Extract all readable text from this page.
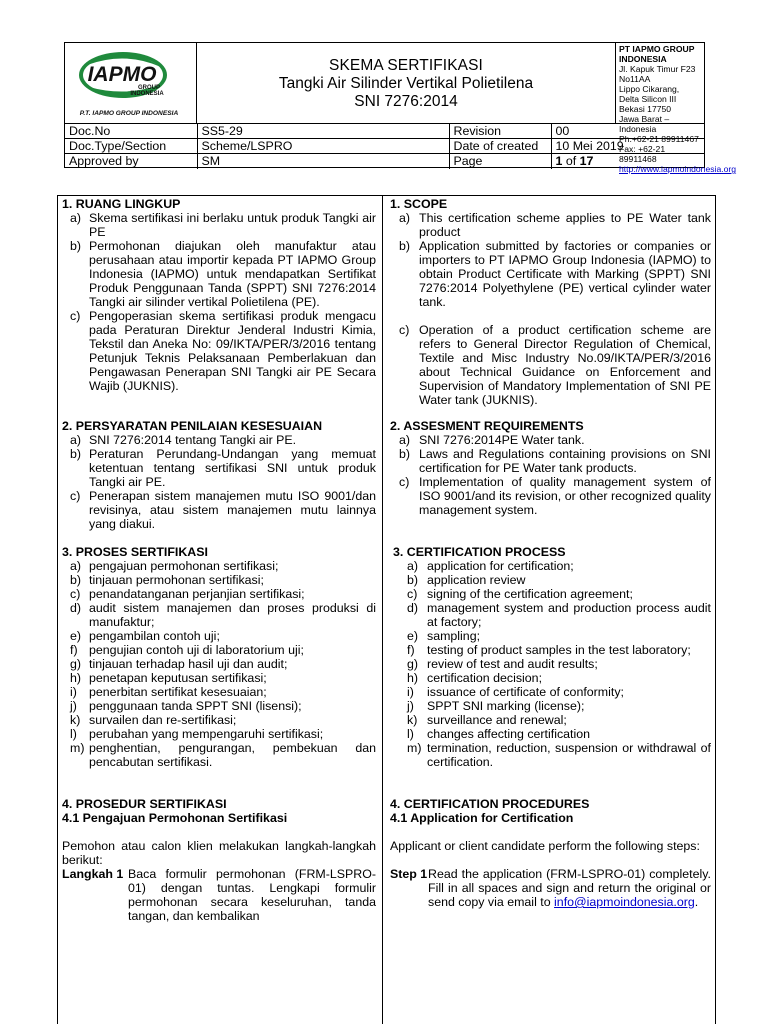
IAPMO
GROUP
INDONESIA
P.T. IAPMO GROUP INDONESIA
SKEMA SERTIFIKASI
Tangki Air Silinder Vertikal Polietilena
SNI 7276:2014
PT IAPMO GROUP INDONESIA
Jl. Kapuk Timur F23 No11AA
Lippo Cikarang, Delta Silicon III
Bekasi 17750
Jawa Barat – Indonesia
Ph.+62-21 89911467
Fax: +62-21 89911468
http://www.iapmoindonesia.org
Doc.No	SS5-29	Revision	00
Doc.Type/Section	Scheme/LSPRO	Date of created	10 Mei 2019
Approved by	SM	Page	1 of 17
1. RUANG LINGKUP
a) Skema sertifikasi ini berlaku untuk produk Tangki air PE
b) Permohonan diajukan oleh manufaktur atau perusahaan atau importir kepada PT IAPMO Group Indonesia (IAPMO) untuk mendapatkan Sertifikat Produk Penggunaan Tanda (SPPT) SNI 7276:2014 Tangki air silinder vertikal Polietilena (PE).
c) Pengoperasian skema sertifikasi produk mengacu pada Peraturan Direktur Jenderal Industri Kimia, Tekstil dan Aneka No: 09/IKTA/PER/3/2016 tentang Petunjuk Teknis Pelaksanaan Pemberlakuan dan Pengawasan Penerapan SNI Tangki air PE Secara Wajib (JUKNIS).
2. PERSYARATAN PENILAIAN KESESUAIAN
a) SNI 7276:2014 tentang Tangki air PE.
b) Peraturan Perundang-Undangan yang memuat ketentuan tentang sertifikasi SNI untuk produk Tangki air PE.
c) Penerapan sistem manajemen mutu ISO 9001/dan revisinya, atau sistem manajemen mutu lainnya yang diakui.
3. PROSES SERTIFIKASI
a) pengajuan permohonan sertifikasi;
b) tinjauan permohonan sertifikasi;
c) penandatanganan perjanjian sertifikasi;
d) audit sistem manajemen dan proses produksi di manufaktur;
e) pengambilan contoh uji;
f) pengujian contoh uji di laboratorium uji;
g) tinjauan terhadap hasil uji dan audit;
h) penetapan keputusan sertifikasi;
i) penerbitan sertifikat kesesuaian;
j) penggunaan tanda SPPT SNI (lisensi);
k) survailen dan re-sertifikasi;
l) perubahan yang mempengaruhi sertifikasi;
m) penghentian, pengurangan, pembekuan dan pencabutan sertifikasi.
4. PROSEDUR SERTIFIKASI
4.1 Pengajuan Permohonan Sertifikasi
Pemohon atau calon klien melakukan langkah-langkah berikut:
Langkah 1 Baca formulir permohonan (FRM-LSPRO-01) dengan tuntas. Lengkapi formulir permohonan secara keseluruhan, tanda tangan, dan kembalikan
1. SCOPE
a) This certification scheme applies to PE Water tank product
b) Application submitted by factories or companies or importers to PT IAPMO Group Indonesia (IAPMO) to obtain Product Certificate with Marking (SPPT) SNI 7276:2014 Polyethylene (PE) vertical cylinder water tank.
c) Operation of a product certification scheme are refers to General Director Regulation of Chemical, Textile and Misc Industry No.09/IKTA/PER/3/2016 about Technical Guidance on Enforcement and Supervision of Mandatory Implementation of SNI PE Water tank (JUKNIS).
2. ASSESMENT REQUIREMENTS
a) SNI 7276:2014PE Water tank.
b) Laws and Regulations containing provisions on SNI certification for PE Water tank products.
c) Implementation of quality management system of ISO 9001/and its revision, or other recognized quality management system.
3. CERTIFICATION PROCESS
a) application for certification;
b) application review
c) signing of the certification agreement;
d) management system and production process audit at factory;
e) sampling;
f) testing of product samples in the test laboratory;
g) review of test and audit results;
h) certification decision;
i) issuance of certificate of conformity;
j) SPPT SNI marking (license);
k) surveillance and renewal;
l) changes affecting certification
m) termination, reduction, suspension or withdrawal of certification.
4. CERTIFICATION PROCEDURES
4.1 Application for Certification
Applicant or client candidate perform the following steps:
Step 1 Read the application (FRM-LSPRO-01) completely. Fill in all spaces and sign and return the original or send copy via email to info@iapmoindonesia.org.
